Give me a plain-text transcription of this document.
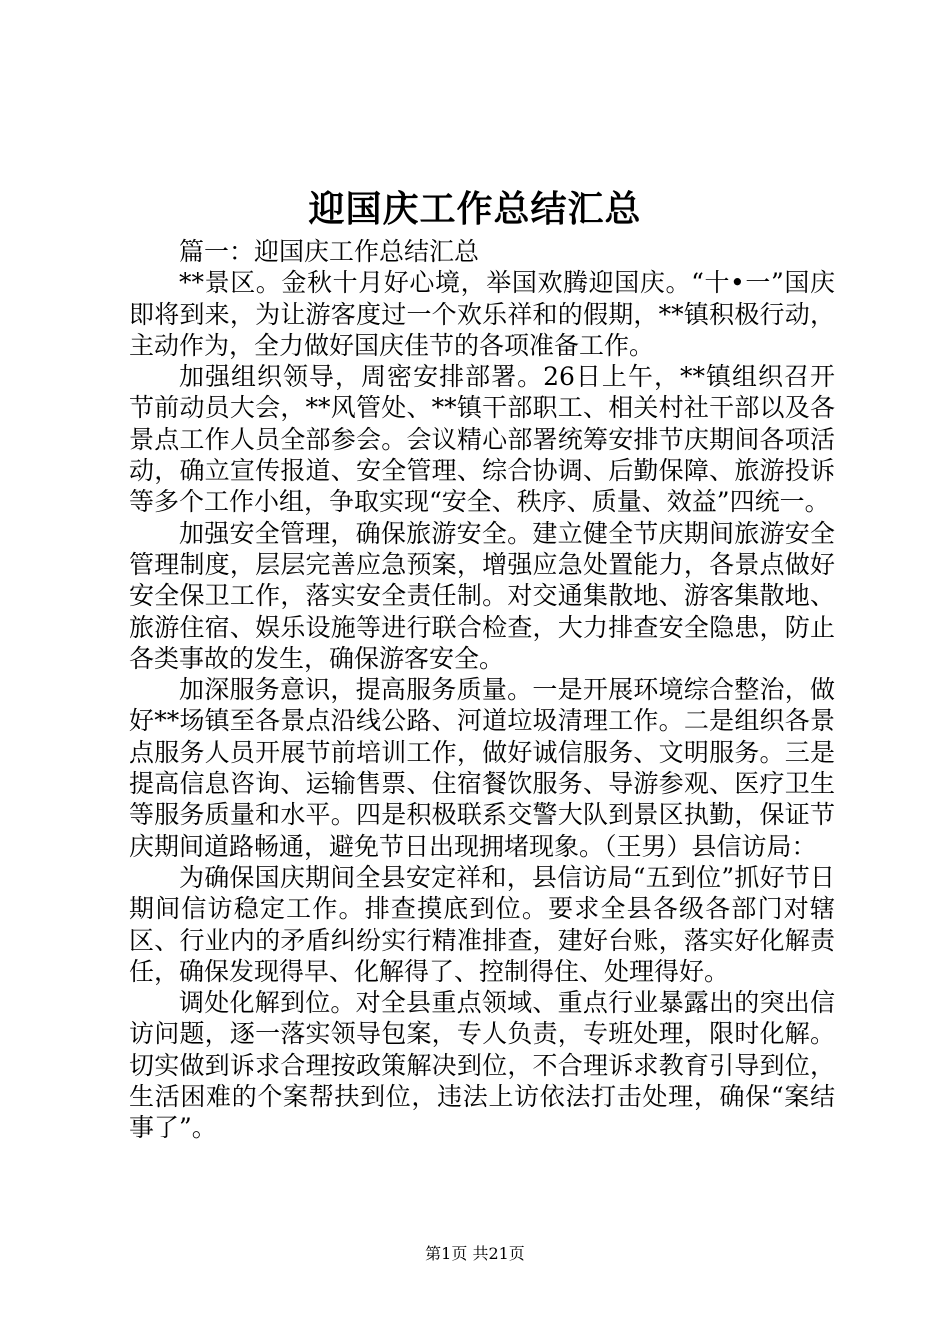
迎国庆工作总结汇总

篇一：迎国庆工作总结汇总

**景区。金秋十月好心境，举国欢腾迎国庆。“十•一”国庆即将到来，为让游客度过一个欢乐祥和的假期，**镇积极行动，主动作为，全力做好国庆佳节的各项准备工作。

加强组织领导，周密安排部署。26日上午，**镇组织召开节前动员大会，**风管处、**镇干部职工、相关村社干部以及各景点工作人员全部参会。会议精心部署统筹安排节庆期间各项活动，确立宣传报道、安全管理、综合协调、后勤保障、旅游投诉等多个工作小组，争取实现“安全、秩序、质量、效益”四统一。

加强安全管理，确保旅游安全。建立健全节庆期间旅游安全管理制度，层层完善应急预案，增强应急处置能力，各景点做好安全保卫工作，落实安全责任制。对交通集散地、游客集散地、旅游住宿、娱乐设施等进行联合检查，大力排查安全隐患，防止各类事故的发生，确保游客安全。

加深服务意识，提高服务质量。一是开展环境综合整治，做好**场镇至各景点沿线公路、河道垃圾清理工作。二是组织各景点服务人员开展节前培训工作，做好诚信服务、文明服务。三是提高信息咨询、运输售票、住宿餐饮服务、导游参观、医疗卫生等服务质量和水平。四是积极联系交警大队到景区执勤，保证节庆期间道路畅通，避免节日出现拥堵现象。（王男）县信访局：

为确保国庆期间全县安定祥和，县信访局“五到位”抓好节日期间信访稳定工作。排查摸底到位。要求全县各级各部门对辖区、行业内的矛盾纠纷实行精准排查，建好台账，落实好化解责任，确保发现得早、化解得了、控制得住、处理得好。

调处化解到位。对全县重点领域、重点行业暴露出的突出信访问题，逐一落实领导包案，专人负责，专班处理，限时化解。切实做到诉求合理按政策解决到位，不合理诉求教育引导到位，生活困难的个案帮扶到位，违法上访依法打击处理，确保“案结事了”。

第1页 共21页
